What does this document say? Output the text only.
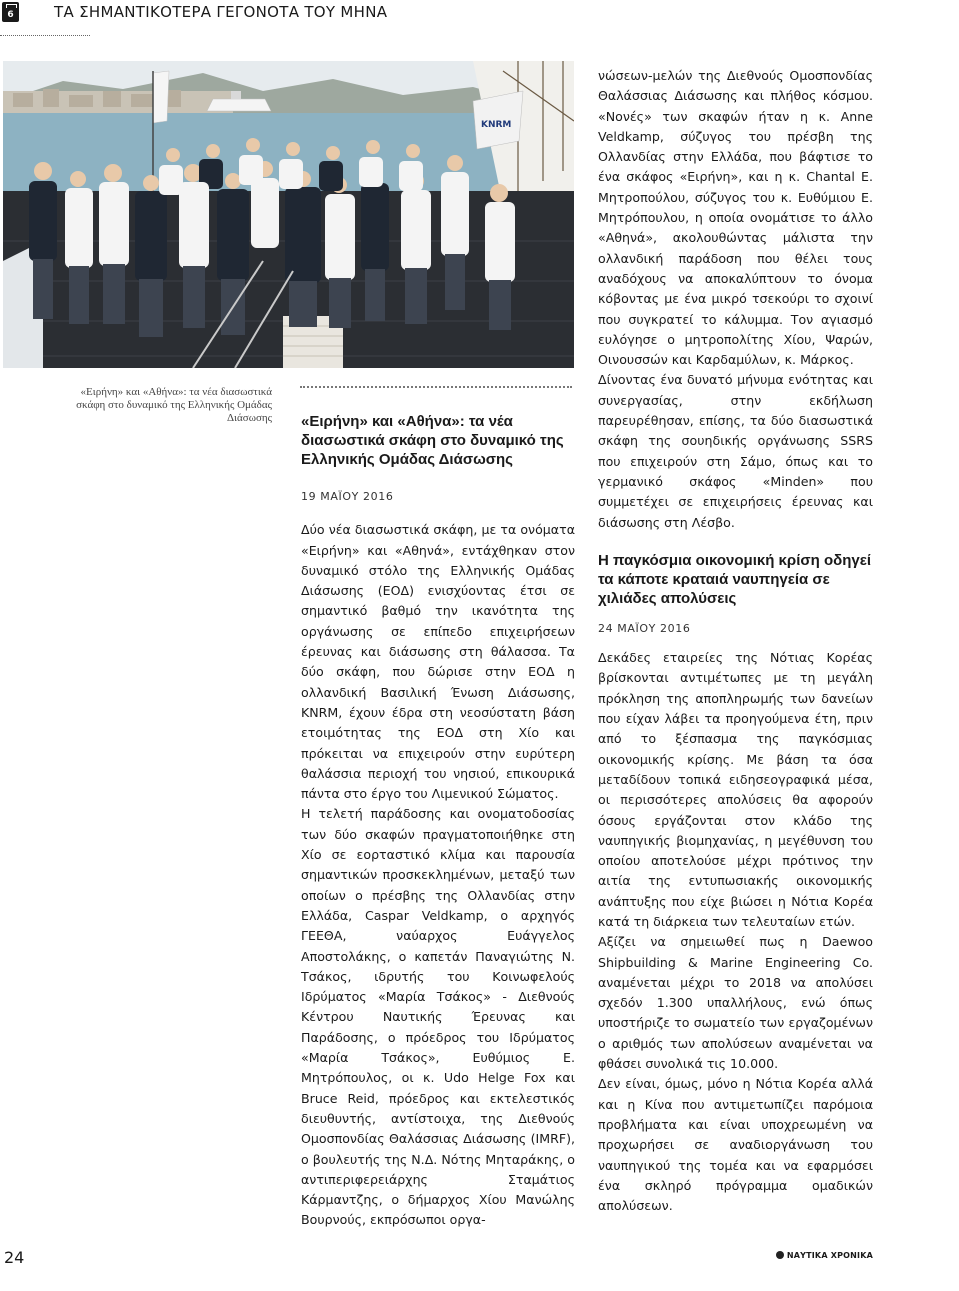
6	ΤΑ ΣΗΜΑΝΤΙΚΟΤΕΡΑ ΓΕΓΟΝΟΤΑ ΤΟΥ ΜΗΝΑ
ΚΝRM
«Ειρήνη» και «Αθήνα»: τα νέα διασωστικά σκάφη στο δυναμικό της Ελληνικής Ομάδας Διάσωσης «Ειρήνη» και «Αθήνα»: τα νέα διασωστικά σκάφη στο δυναμικό της Ελληνικής Ομάδας Διάσωσης
19 ΜΑΪΟΥ 2016

Δύο νέα διασωστικά σκάφη, με τα ονόματα «Ειρήνη» και «Αθηνά», εντάχθηκαν στον δυναμικό στόλο της Ελληνικής Ομάδας Διάσωσης (ΕΟΔ) ενισχύοντας έτσι σε σημαντικό βαθμό την ικανότητα της οργάνωσης σε επίπεδο επιχειρήσεων έρευνας και διάσωσης στη θάλασσα. Τα δύο σκάφη, που δώρισε στην ΕΟΔ η ολλανδική Βασιλική Ένωση Διάσωσης, KNRM, έχουν έδρα στη νεοσύστατη βάση ετοιμότητας της ΕΟΔ στη Χίο και πρόκειται να επιχειρούν στην ευρύτερη θαλάσσια περιοχή του νησιού, επικουρικά πάντα στο έργο του Λιμενικού Σώματος.

Η τελετή παράδοσης και ονοματοδοσίας των δύο σκαφών πραγματοποιήθηκε στη Χίο σε εορταστικό κλίμα και παρουσία σημαντικών προσκεκλημένων, μεταξύ των οποίων ο πρέσβης της Ολλανδίας στην Ελλάδα, Caspar Veldkamp, ο αρχηγός ΓΕΕΘΑ, ναύαρχος Ευάγγελος Αποστολάκης, ο καπετάν Παναγιώτης Ν. Τσάκος, ιδρυτής του Κοινωφελούς Ιδρύματος «Μαρία Τσάκος» - Διεθνούς Κέντρου Ναυτικής Έρευνας και Παράδοσης, ο πρόεδρος του Ιδρύματος «Μαρία Τσάκος», Ευθύμιος Ε. Μητρόπουλος, οι κ. Udo Helge Fox και Bruce Reid, πρόεδρος και εκτελεστικός διευθυντής, αντίστοιχα, της Διεθνούς Ομοσπονδίας Θαλάσσιας Διάσωσης (IMRF), ο βουλευτής της Ν.Δ. Νότης Μηταράκης, ο αντιπεριφερειάρχης Σταμάτιος Κάρμαντζης, ο δήμαρχος Χίου Μανώλης Βουρνούς, εκπρόσωποι οργα-

νώσεων-μελών της Διεθνούς Ομοσπονδίας Θαλάσσιας Διάσωσης και πλήθος κόσμου. «Νονές» των σκαφών ήταν η κ. Anne Veldkamp, σύζυγος του πρέσβη της Ολλανδίας στην Ελλάδα, που βάφτισε το ένα σκάφος «Ειρήνη», και η κ. Chantal Ε. Μητροπούλου, σύζυγος του κ. Ευθύμιου Ε. Μητρόπουλου, η οποία ονομάτισε το άλλο «Αθηνά», ακολουθώντας μάλιστα την ολλανδική παράδοση που θέλει τους αναδόχους να αποκαλύπτουν το όνομα κόβοντας με ένα μικρό τσεκούρι το σχοινί που συγκρατεί το κάλυμμα. Τον αγιασμό ευλόγησε ο μητροπολίτης Χίου, Ψαρών, Οινουσσών και Καρδαμύλων, κ. Μάρκος.

Δίνοντας ένα δυνατό μήνυμα ενότητας και συνεργασίας, στην εκδήλωση παρευρέθησαν, επίσης, τα δύο διασωστικά σκάφη της σουηδικής οργάνωσης SSRS που επιχειρούν στη Σάμο, όπως και το γερμανικό σκάφος «Minden» που συμμετέχει σε επιχειρήσεις έρευνας και διάσωσης στη Λέσβο.

Η παγκόσμια οικονομική κρίση οδηγεί τα κάποτε κραταιά ναυπηγεία σε χιλιάδες απολύσεις
24 ΜΑΪΟΥ 2016

Δεκάδες εταιρείες της Νότιας Κορέας βρίσκονται αντιμέτωπες με τη μεγάλη πρόκληση της αποπληρωμής των δανείων που είχαν λάβει τα προηγούμενα έτη, πριν από το ξέσπασμα της παγκόσμιας οικονομικής κρίσης. Με βάση τα όσα μεταδίδουν τοπικά ειδησεογραφικά μέσα, οι περισσότερες απολύσεις θα αφορούν όσους εργάζονται στον κλάδο της ναυπηγικής βιομηχανίας, η μεγέθυνση του οποίου αποτελούσε μέχρι πρότινος την αιτία της εντυπωσιακής οικονομικής ανάπτυξης που είχε βιώσει η Νότια Κορέα κατά τη διάρκεια των τελευταίων ετών.

Αξίζει να σημειωθεί πως η Daewoo Shipbuilding & Marine Engineering Co. αναμένεται μέχρι το 2018 να απολύσει σχεδόν 1.300 υπαλλήλους, ενώ όπως υποστήριζε το σωματείο των εργαζομένων ο αριθμός των απολύσεων αναμένεται να φθάσει συνολικά τις 10.000.

Δεν είναι, όμως, μόνο η Νότια Κορέα αλλά και η Κίνα που αντιμετωπίζει παρόμοια προβλήματα και είναι υποχρεωμένη να προχωρήσει σε αναδιοργάνωση του ναυπηγικού της τομέα και να εφαρμόσει ένα σκληρό πρόγραμμα ομαδικών απολύσεων.

24	ΝΑΥΤΙΚΑ ΧΡΟΝΙΚΑ
